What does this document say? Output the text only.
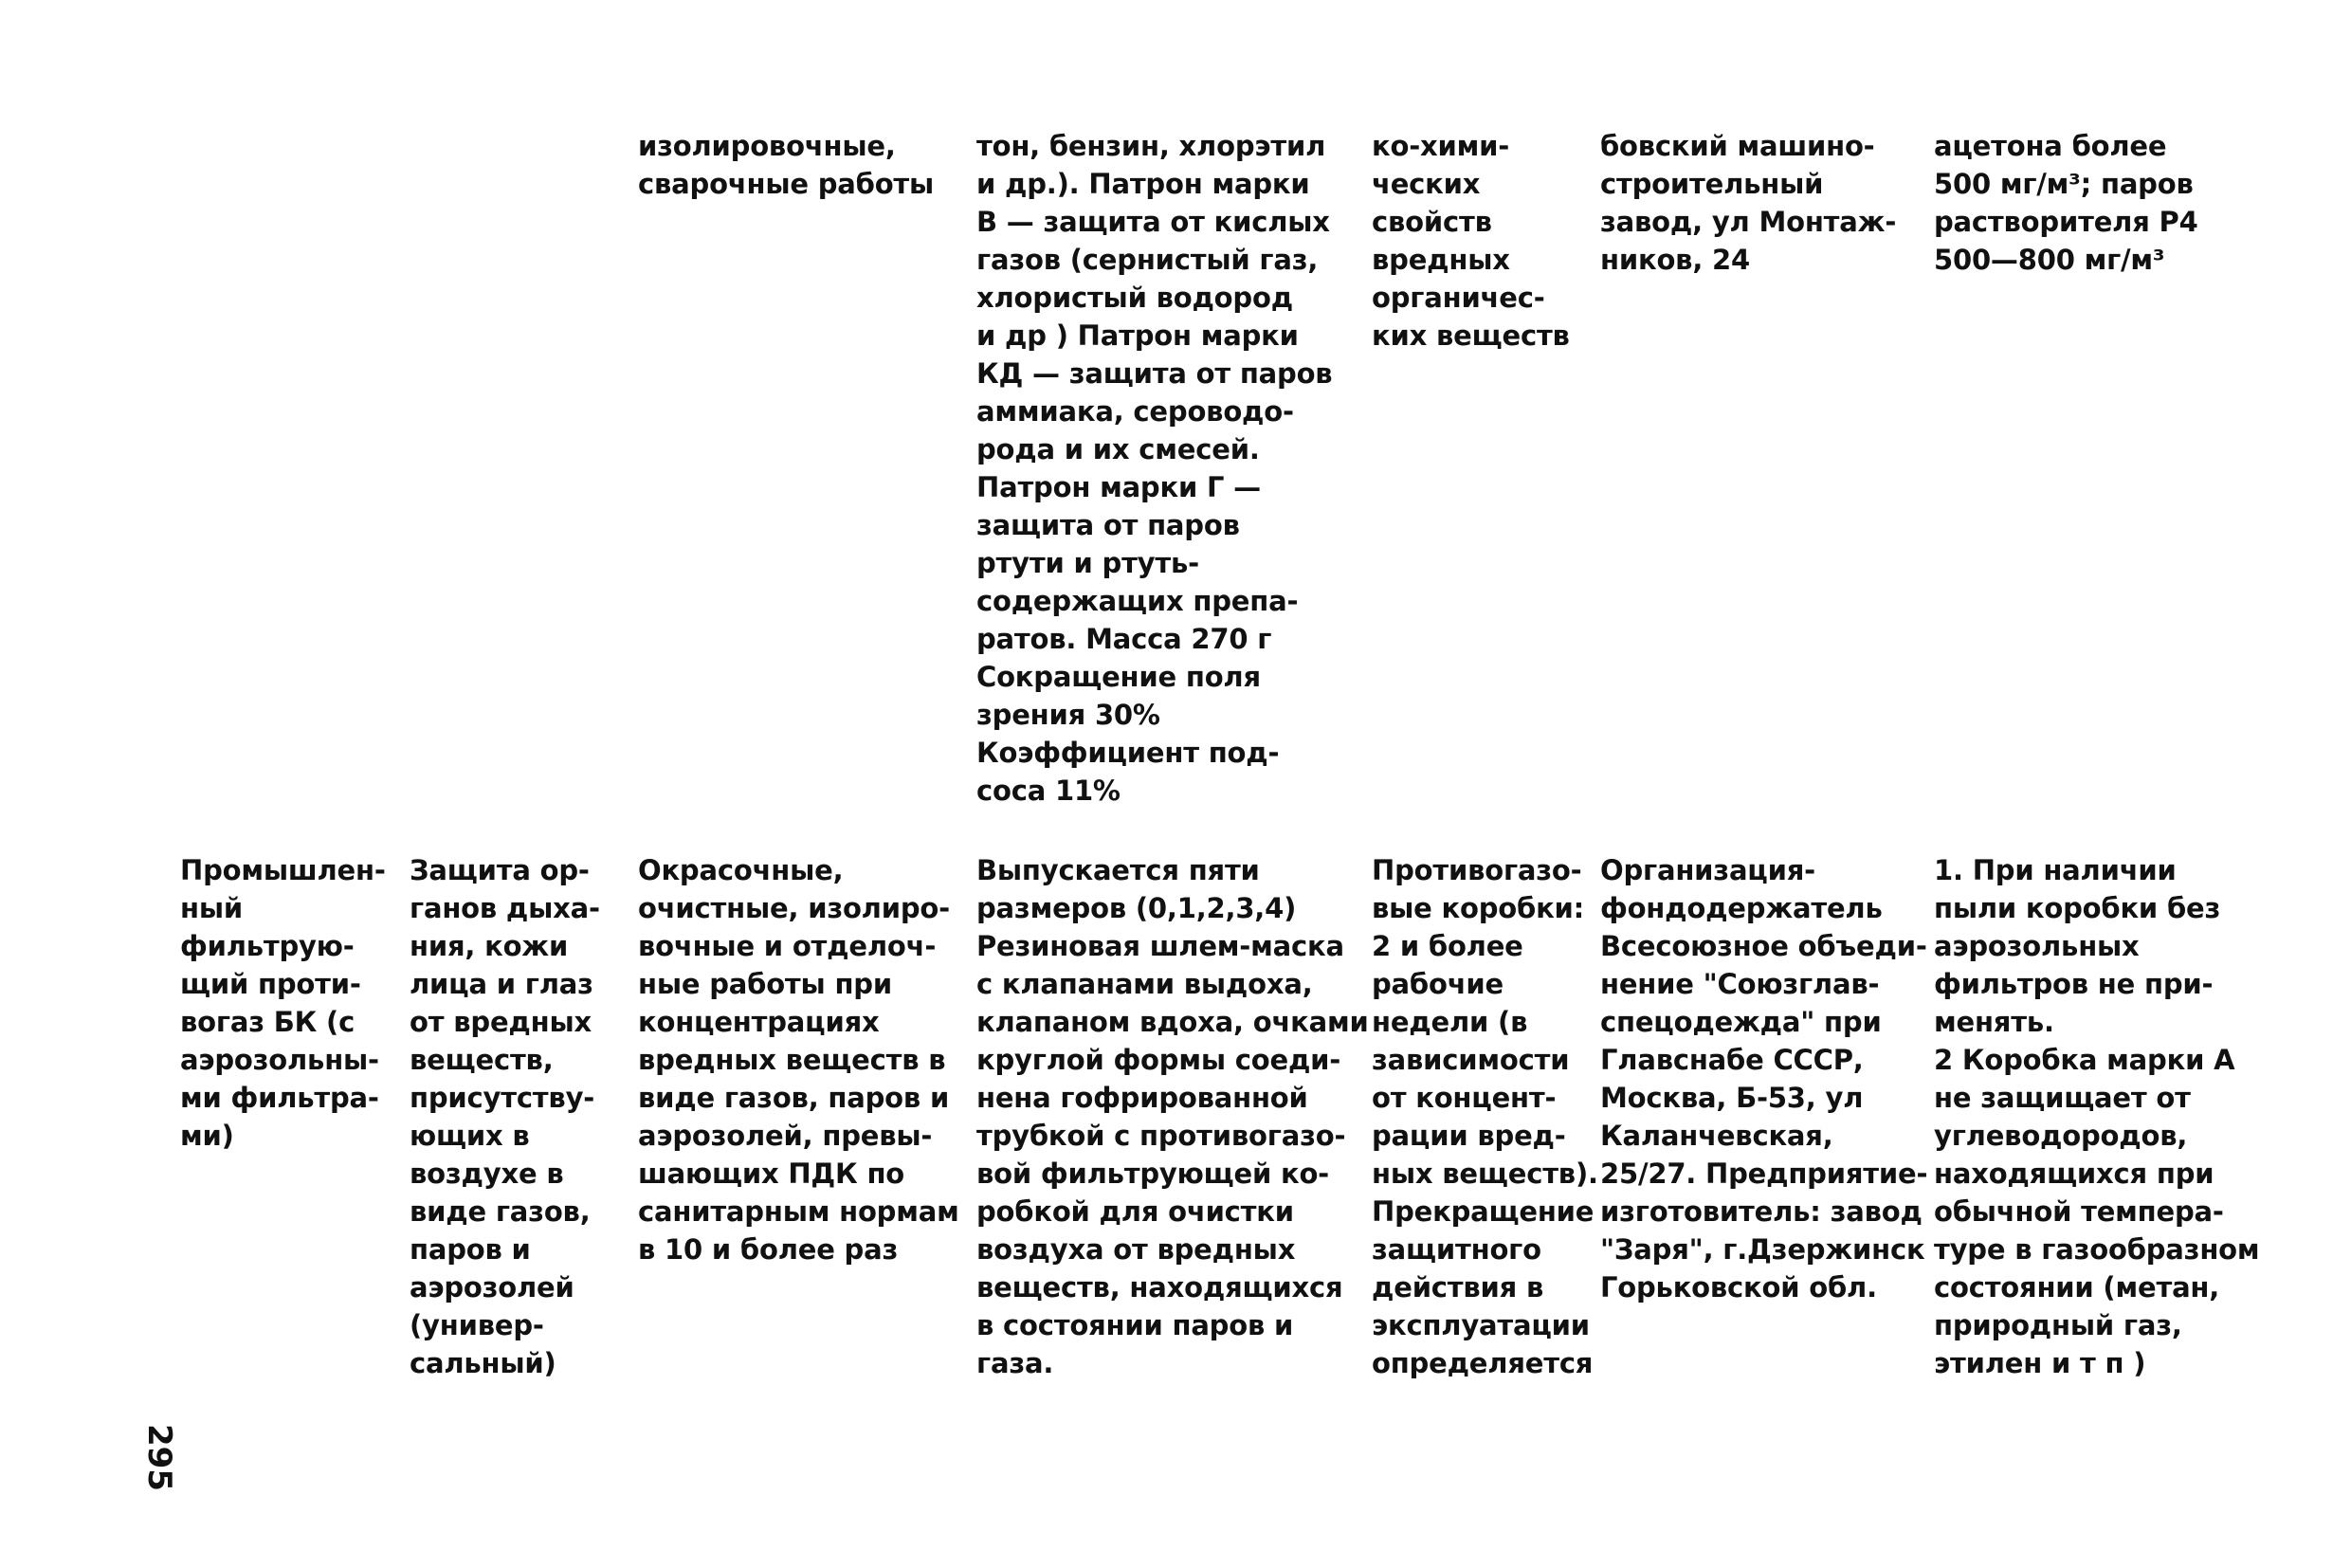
изолировочные,
сварочные работы
тон, бензин, хлорэтил
и др.). Патрон марки
В — защита от кислых
газов (сернистый газ,
хлористый водород
и др ) Патрон марки
КД — защита от паров
аммиака, сероводо-
рода и их смесей.
Патрон марки Г —
защита от паров
ртути и ртуть-
содержащих препа-
ратов. Масса 270 г
Сокращение поля
зрения 30%
Коэффициент под-
соса 11%
ко-хими-
ческих
свойств
вредных
органичес-
ких веществ
бовский машино-
строительный
завод, ул Монтаж-
ников, 24
ацетона более
500 мг/м³; паров
растворителя Р4
500—800 мг/м³
Промышлен-
ный
фильтрую-
щий проти-
вогаз БК (с
аэрозольны-
ми фильтра-
ми)
Защита ор-
ганов дыха-
ния, кожи
лица и глаз
от вредных
веществ,
присутству-
ющих в
воздухе в
виде газов,
паров и
аэрозолей
(универ-
сальный)
Окрасочные,
очистные, изолиро-
вочные и отделоч-
ные работы при
концентрациях
вредных веществ в
виде газов, паров и
аэрозолей, превы-
шающих ПДК по
санитарным нормам
в 10 и более раз
Выпускается пяти
размеров (0,1,2,3,4)
Резиновая шлем-маска
с клапанами выдоха,
клапаном вдоха, очками
круглой формы соеди-
нена гофрированной
трубкой с противогазо-
вой фильтрующей ко-
робкой для очистки
воздуха от вредных
веществ, находящихся
в состоянии паров и
газа.
Противогазо-
вые коробки:
2 и более
рабочие
недели (в
зависимости
от концент-
рации вред-
ных веществ).
Прекращение
защитного
действия в
эксплуатации
определяется
Организация-
фондодержатель
Всесоюзное объеди-
нение "Союзглав-
спецодежда" при
Главснабе СССР,
Москва, Б-53, ул
Каланчевская,
25/27. Предприятие-
изготовитель: завод
"Заря", г.Дзержинск
Горьковской обл.
1. При наличии
пыли коробки без
аэрозольных
фильтров не при-
менять.
2 Коробка марки А
не защищает от
углеводородов,
находящихся при
обычной темпера-
туре в газообразном
состоянии (метан,
природный газ,
этилен и т п )
295
